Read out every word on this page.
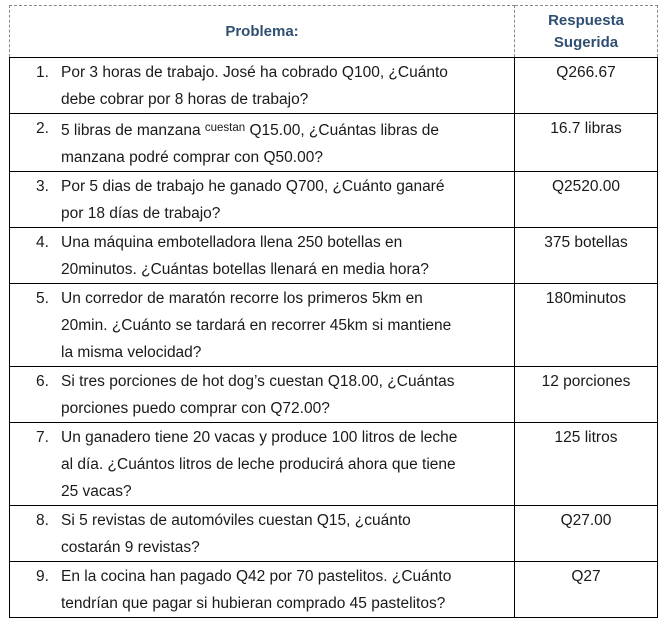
Problema:	Respuesta
Sugerida

1. Por 3 horas de trabajo. José ha cobrado Q100, ¿Cuánto
debe cobrar por 8 horas de trabajo?	Q266.67

2. 5 libras de manzana $^{cuestan}$ Q15.00, ¿Cuántas libras de
manzana podré comprar con Q50.00?	16.7 libras

3. Por 5 dias de trabajo he ganado Q700, ¿Cuánto ganaré
por 18 días de trabajo?	Q2520.00

4. Una máquina embotelladora llena 250 botellas en
20minutos. ¿Cuántas botellas llenará en media hora?	375 botellas

5. Un corredor de maratón recorre los primeros 5km en
20min. ¿Cuánto se tardará en recorrer 45km si mantiene
la misma velocidad?	180minutos

6. Si tres porciones de hot dog’s cuestan Q18.00, ¿Cuántas
porciones puedo comprar con Q72.00?	12 porciones

7. Un ganadero tiene 20 vacas y produce 100 litros de leche
al día. ¿Cuántos litros de leche producirá ahora que tiene
25 vacas?	125 litros

8. Si 5 revistas de automóviles cuestan Q15, ¿cuánto
costarán 9 revistas?	Q27.00

9. En la cocina han pagado Q42 por 70 pastelitos. ¿Cuánto
tendrían que pagar si hubieran comprado 45 pastelitos?	Q27
